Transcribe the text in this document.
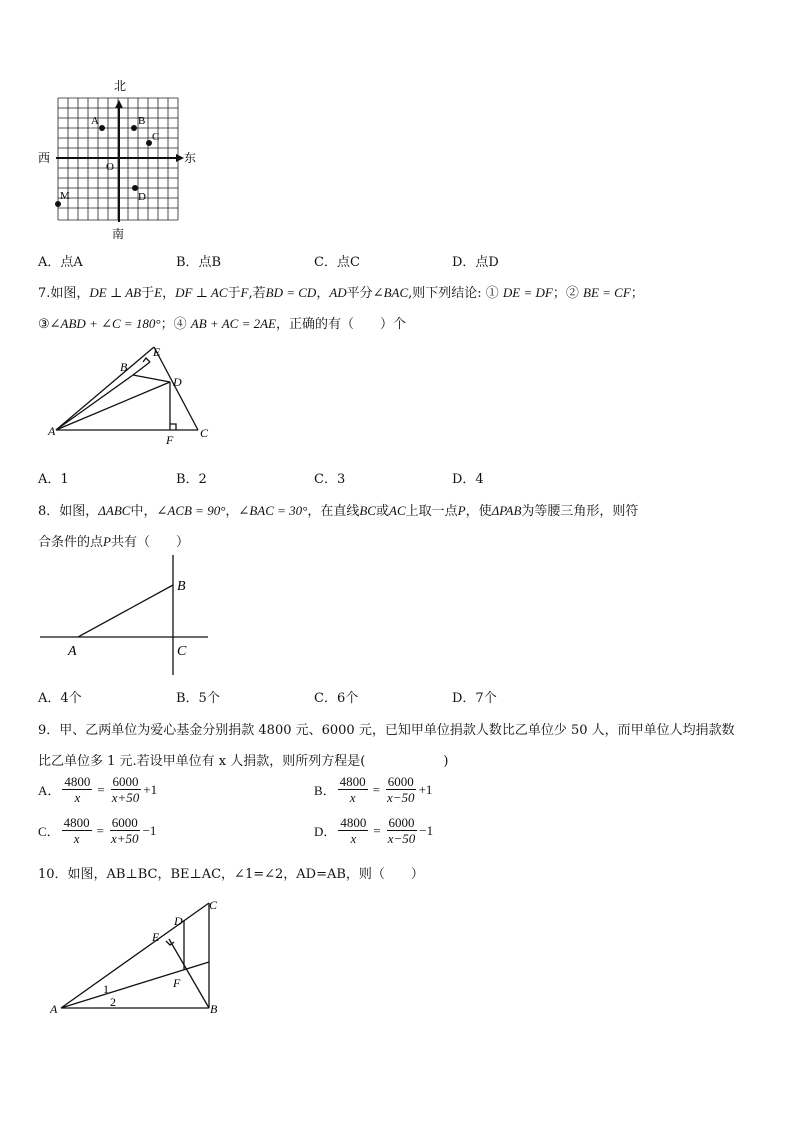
北
南
西	东
A	B
C
D
M
O
A．点A	B．点B	C．点C	D．点D
7.如图，DE ⊥ AB于E，DF ⊥ AC于F,若BD = CD，AD平分∠BAC,则下列结论: ① DE = DF；② BE = CF；
③∠ABD + ∠C = 180°；④ AB + AC = 2AE，正确的有（　　）个
A
B
C
D
E
F
A．1	B．2	C．3	D．4
8．如图，ΔABC中，∠ACB = 90°，∠BAC = 30°，在直线BC或AC上取一点P，使ΔPAB为等腰三角形，则符
合条件的点P共有（　　）
A
B
C
A．4个	B．5个	C．6个	D．7个
9．甲、乙两单位为爱心基金分别捐款 4800 元、6000 元，已知甲单位捐款人数比乙单位少 50 人，而甲单位人均捐款数
比乙单位多 1 元.若设甲单位有 x 人捐款，则所列方程是(　　　　　　)
A． $\frac{4800}{x} = \frac{6000}{x+50} +1$	B． $\frac{4800}{x} = \frac{6000}{x-50} +1$
C． $\frac{4800}{x} = \frac{6000}{x+50} -1$	D． $\frac{4800}{x} = \frac{6000}{x-50} -1$
10．如图，AB⊥BC，BE⊥AC，∠1=∠2，AD=AB，则（　　）
A	B
C
D
E
F
1
2
